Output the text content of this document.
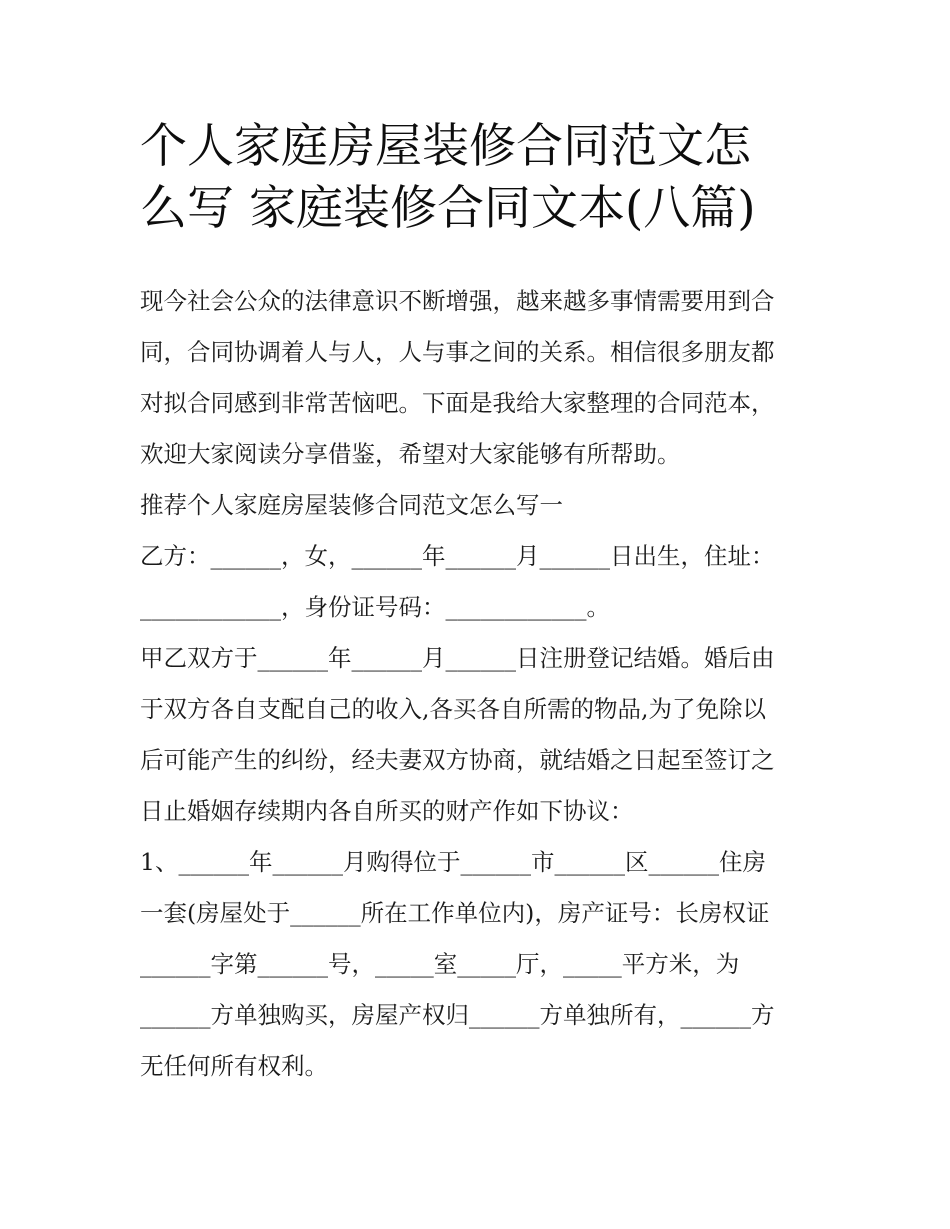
个人家庭房屋装修合同范文怎
么写 家庭装修合同文本(八篇)
现今社会公众的法律意识不断增强，越来越多事情需要用到合
同，合同协调着人与人，人与事之间的关系。相信很多朋友都
对拟合同感到非常苦恼吧。下面是我给大家整理的合同范本，
欢迎大家阅读分享借鉴，希望对大家能够有所帮助。
推荐个人家庭房屋装修合同范文怎么写一
乙方：______，女，______年______月______日出生，住址：
____________，身份证号码：____________。
甲乙双方于______年______月______日注册登记结婚。婚后由
于双方各自支配自己的收入,各买各自所需的物品,为了免除以
后可能产生的纠纷，经夫妻双方协商，就结婚之日起至签订之
日止婚姻存续期内各自所买的财产作如下协议：
1、______年______月购得位于______市______区______住房
一套(房屋处于______所在工作单位内)，房产证号：长房权证
______字第______号，_____室_____厅，_____平方米，为
______方单独购买，房屋产权归______方单独所有，______方
无任何所有权利。
